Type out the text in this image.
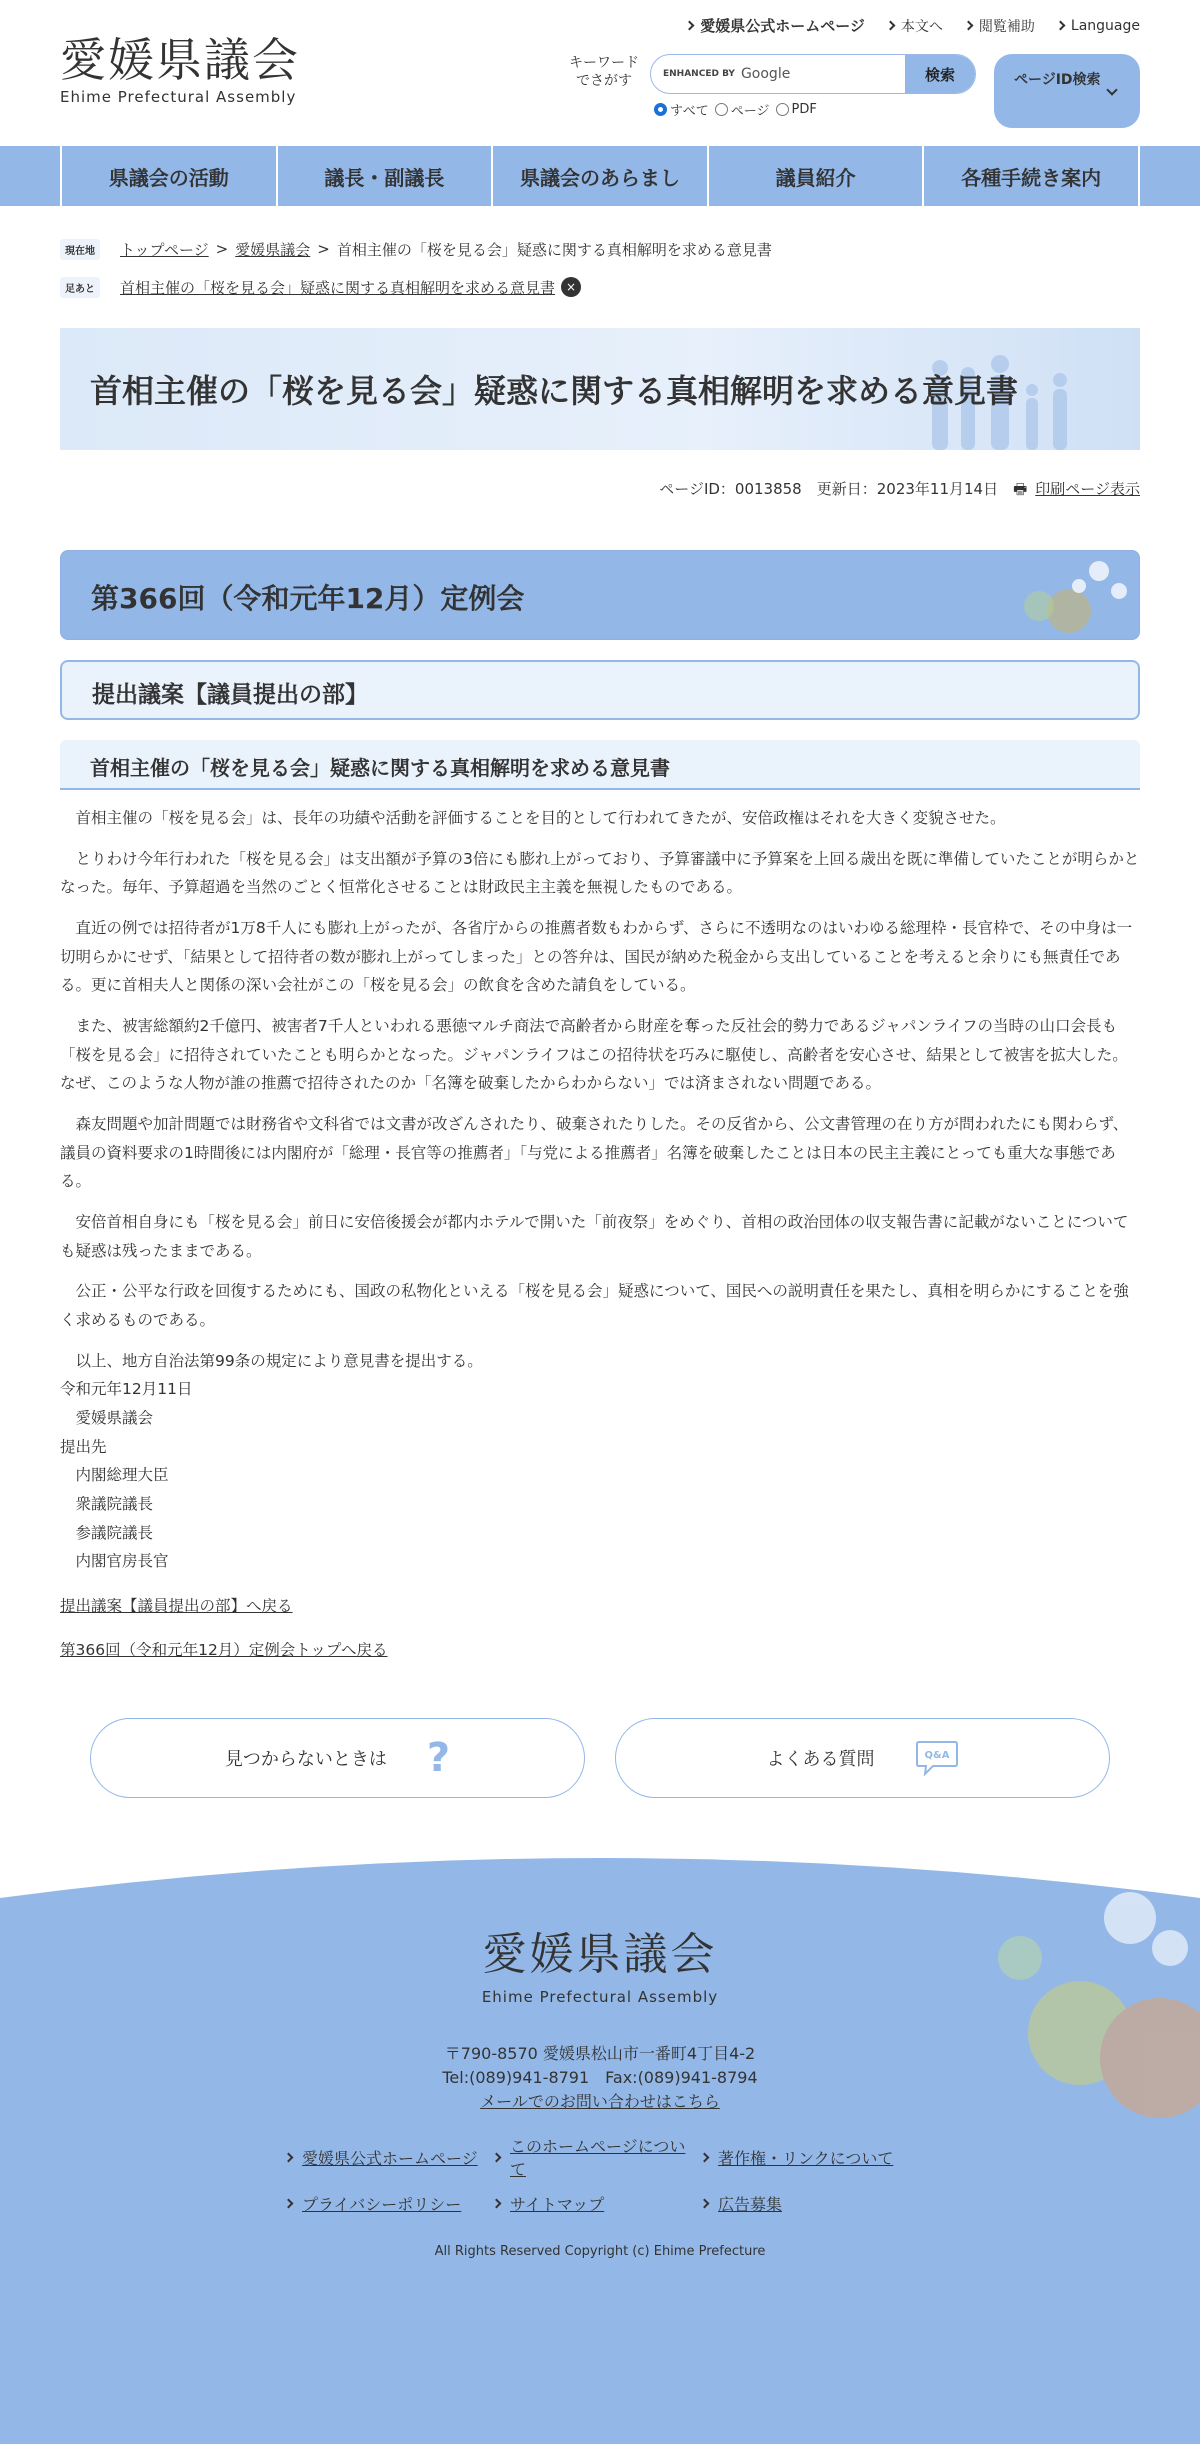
愛媛県議会
Ehime Prefectural Assembly
愛媛県公式ホームページ	本文へ	閲覧補助	Language
キーワード
でさがす	ENHANCED BY Google	検索
すべて ページ PDF
ページID検索
県議会の活動	議長・副議長	県議会のあらまし	議員紹介	各種手続き案内
現在地	トップページ > 愛媛県議会 > 首相主催の「桜を見る会」疑惑に関する真相解明を求める意見書
足あと	首相主催の「桜を見る会」疑惑に関する真相解明を求める意見書 ×
首相主催の「桜を見る会」疑惑に関する真相解明を求める意見書
ページID：0013858　 更新日：2023年11月14日　 🖶 印刷ページ表示
第366回（令和元年12月）定例会
提出議案【議員提出の部】
首相主催の「桜を見る会」疑惑に関する真相解明を求める意見書

首相主催の「桜を見る会」は、長年の功績や活動を評価することを目的として行われてきたが、安倍政権はそれを大きく変貌させた。

とりわけ今年行われた「桜を見る会」は支出額が予算の3倍にも膨れ上がっており、予算審議中に予算案を上回る歳出を既に準備していたことが明らかとなった。毎年、予算超過を当然のごとく恒常化させることは財政民主主義を無視したものである。

直近の例では招待者が1万8千人にも膨れ上がったが、各省庁からの推薦者数もわからず、さらに不透明なのはいわゆる総理枠・長官枠で、その中身は一切明らかにせず、「結果として招待者の数が膨れ上がってしまった」との答弁は、国民が納めた税金から支出していることを考えると余りにも無責任である。更に首相夫人と関係の深い会社がこの「桜を見る会」の飲食を含めた請負をしている。

また、被害総額約2千億円、被害者7千人といわれる悪徳マルチ商法で高齢者から財産を奪った反社会的勢力であるジャパンライフの当時の山口会長も「桜を見る会」に招待されていたことも明らかとなった。ジャパンライフはこの招待状を巧みに駆使し、高齢者を安心させ、結果として被害を拡大した。なぜ、このような人物が誰の推薦で招待されたのか「名簿を破棄したからわからない」では済まされない問題である。

森友問題や加計問題では財務省や文科省では文書が改ざんされたり、破棄されたりした。その反省から、公文書管理の在り方が問われたにも関わらず、議員の資料要求の1時間後には内閣府が「総理・長官等の推薦者」「与党による推薦者」名簿を破棄したことは日本の民主主義にとっても重大な事態である。

安倍首相自身にも「桜を見る会」前日に安倍後援会が都内ホテルで開いた「前夜祭」をめぐり、首相の政治団体の収支報告書に記載がないことについても疑惑は残ったままである。

公正・公平な行政を回復するためにも、国政の私物化といえる「桜を見る会」疑惑について、国民への説明責任を果たし、真相を明らかにすることを強く求めるものである。

以上、地方自治法第99条の規定により意見書を提出する。

令和元年12月11日

愛媛県議会

提出先

内閣総理大臣

衆議院議長

参議院議長

内閣官房長官

提出議案【議員提出の部】へ戻る
第366回（令和元年12月）定例会トップへ戻る
見つからないときは ?	よくある質問	Q&A
愛媛県議会
Ehime Prefectural Assembly
〒790-8570 愛媛県松山市一番町4丁目4-2
Tel:(089)941-8791　Fax:(089)941-8794
メールでのお問い合わせはこちら
愛媛県公式ホームページ
このホームページについて
著作権・リンクについて
プライバシーポリシー	サイトマップ	広告募集
All Rights Reserved Copyright (c) Ehime Prefecture
